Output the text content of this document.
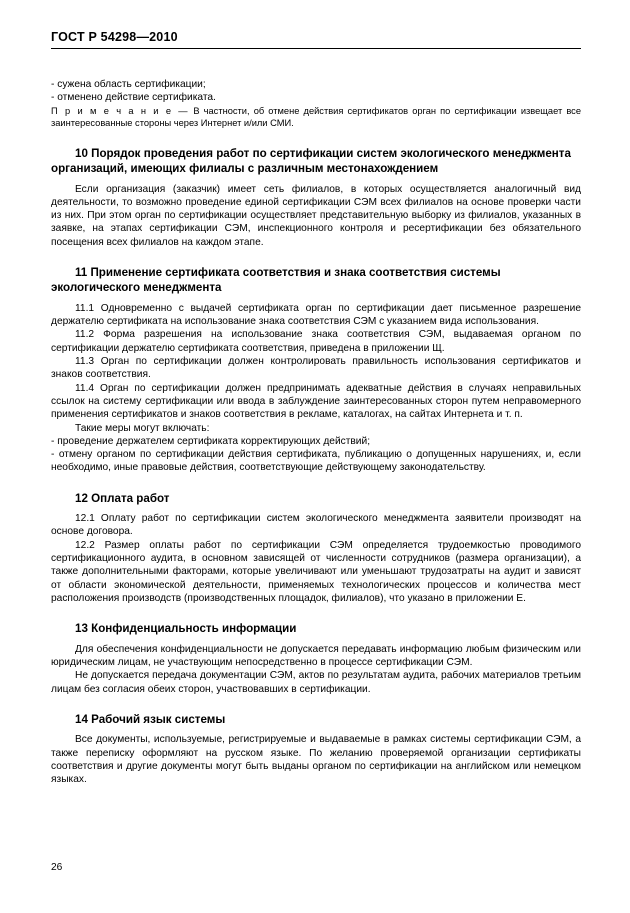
ГОСТ Р 54298—2010

- сужена область сертификации;

- отменено действие сертификата.

П р и м е ч а н и е — В частности, об отмене действия сертификатов орган по сертификации извещает все заинтересованные стороны через Интернет и/или СМИ.

10 Порядок проведения работ по сертификации систем экологического менеджмента организаций, имеющих филиалы с различным местонахождением

Если организация (заказчик) имеет сеть филиалов, в которых осуществляется аналогичный вид деятельности, то возможно проведение единой сертификации СЭМ всех филиалов на основе проверки части из них. При этом орган по сертификации осуществляет представительную выборку из филиалов, указанных в заявке, на этапах сертификации СЭМ, инспекционного контроля и ресертификации без обязательного посещения всех филиалов на каждом этапе.

11 Применение сертификата соответствия и знака соответствия системы экологического менеджмента

11.1 Одновременно с выдачей сертификата орган по сертификации дает письменное разрешение держателю сертификата на использование знака соответствия СЭМ с указанием вида использования.

11.2 Форма разрешения на использование знака соответствия СЭМ, выдаваемая органом по сертификации держателю сертификата соответствия, приведена в приложении Щ.

11.3 Орган по сертификации должен контролировать правильность использования сертификатов и знаков соответствия.

11.4 Орган по сертификации должен предпринимать адекватные действия в случаях неправильных ссылок на систему сертификации или ввода в заблуждение заинтересованных сторон путем неправомерного применения сертификатов и знаков соответствия в рекламе, каталогах, на сайтах Интернета и т. п.

Такие меры могут включать:

- проведение держателем сертификата корректирующих действий;

- отмену органом по сертификации действия сертификата, публикацию о допущенных нарушениях, и, если необходимо, иные правовые действия, соответствующие действующему законодательству.

12 Оплата работ

12.1 Оплату работ по сертификации систем экологического менеджмента заявители производят на основе договора.

12.2 Размер оплаты работ по сертификации СЭМ определяется трудоемкостью проводимого сертификационного аудита, в основном зависящей от численности сотрудников (размера организации), а также дополнительными факторами, которые увеличивают или уменьшают трудозатраты на аудит и зависят от области экономической деятельности, применяемых технологических процессов и количества мест расположения производств (производственных площадок, филиалов), что указано в приложении Е.

13 Конфиденциальность информации

Для обеспечения конфиденциальности не допускается передавать информацию любым физическим или юридическим лицам, не участвующим непосредственно в процессе сертификации СЭМ.

Не допускается передача документации СЭМ, актов по результатам аудита, рабочих материалов третьим лицам без согласия обеих сторон, участвовавших в сертификации.

14 Рабочий язык системы

Все документы, используемые, регистрируемые и выдаваемые в рамках системы сертификации СЭМ, а также переписку оформляют на русском языке. По желанию проверяемой организации сертификаты соответствия и другие документы могут быть выданы органом по сертификации на английском или немецком языках.

26
